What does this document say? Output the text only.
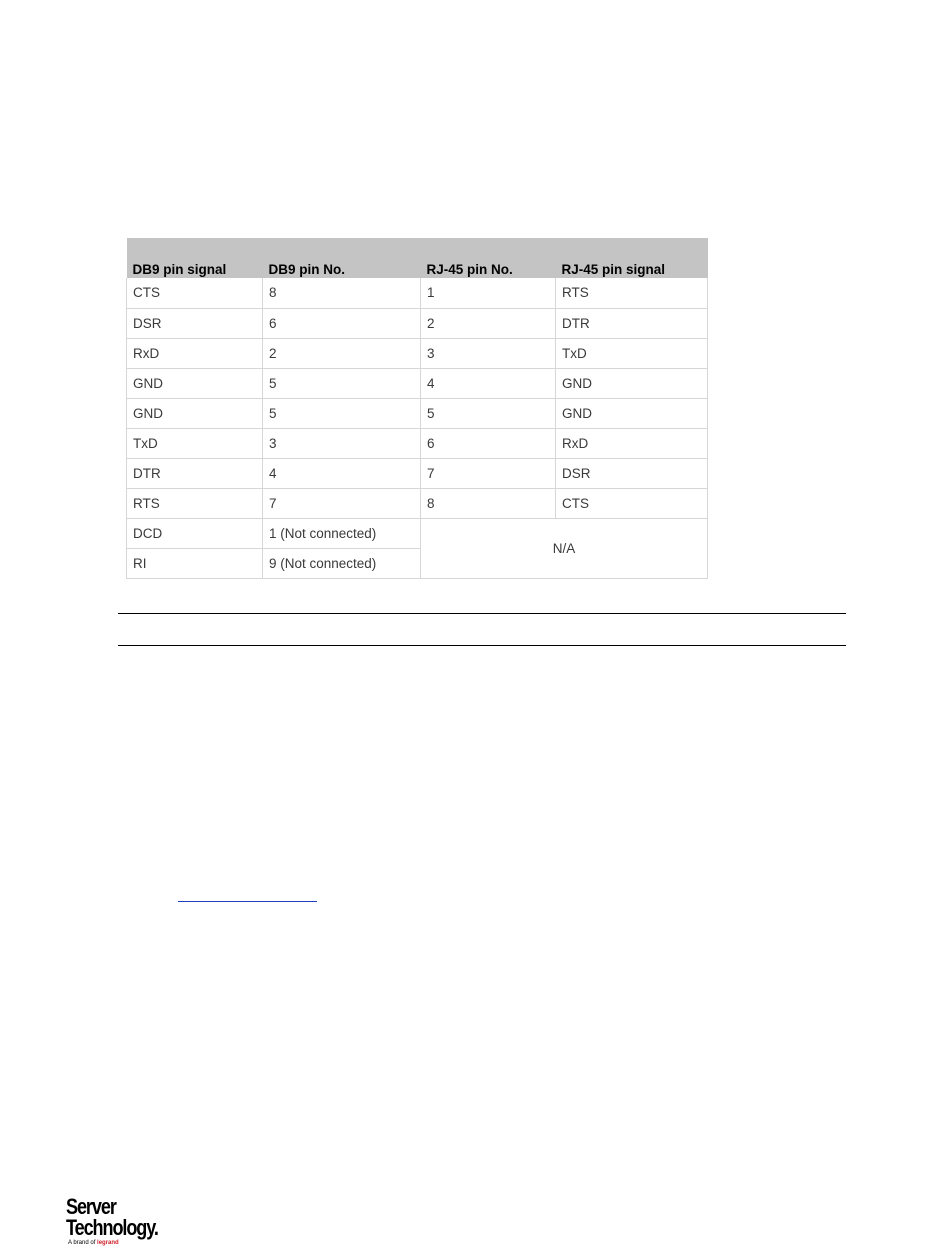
DB9 pin signal	DB9 pin No.	RJ-45 pin No.	RJ-45 pin signal
CTS	8	1	RTS
DSR	6	2	DTR
RxD	2	3	TxD
GND	5	4	GND
GND	5	5	GND
TxD	3	6	RxD
DTR	4	7	DSR
RTS	7	8	CTS
DCD	1 (Not connected)	N/A	
RI	9 (Not connected)		
Server
Technology.
A brand of legrand
